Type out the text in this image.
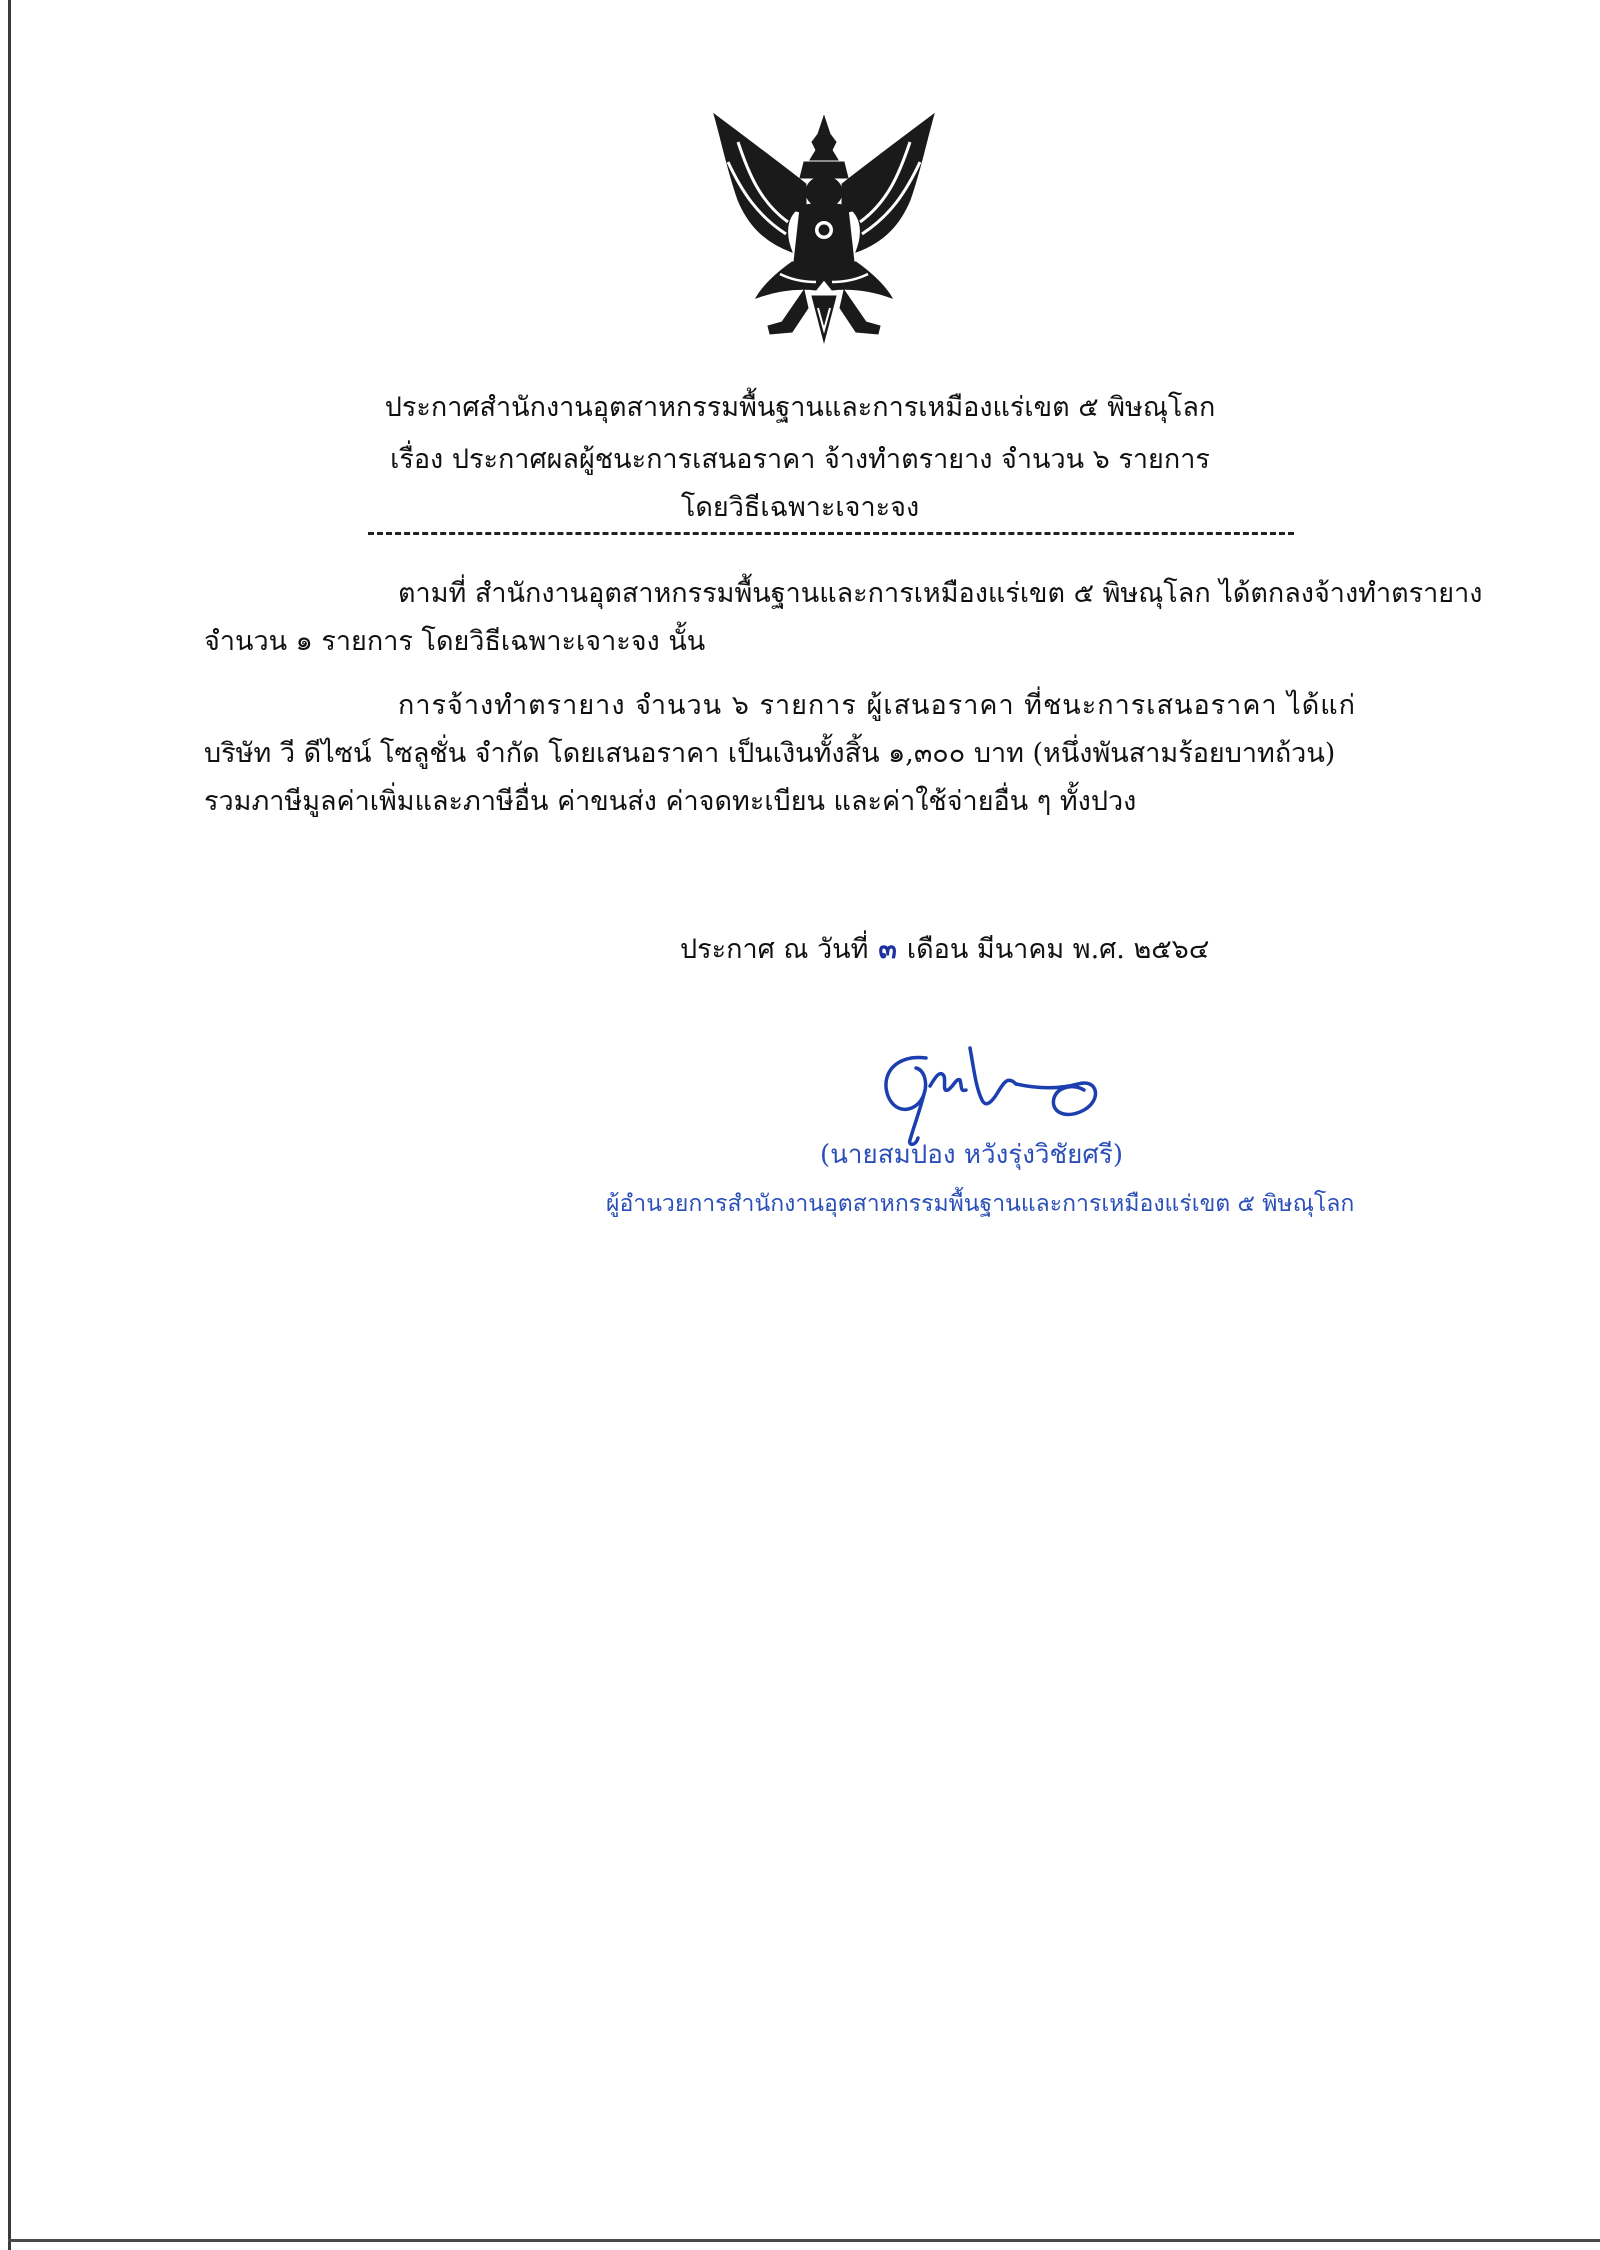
ประกาศสำนักงานอุตสาหกรรมพื้นฐานและการเหมืองแร่เขต ๕ พิษณุโลก
เรื่อง ประกาศผลผู้ชนะการเสนอราคา จ้างทำตรายาง จำนวน ๖ รายการ
โดยวิธีเฉพาะเจาะจง
ตามที่ สำนักงานอุตสาหกรรมพื้นฐานและการเหมืองแร่เขต ๕ พิษณุโลก ได้ตกลงจ้างทำตรายาง
จำนวน ๑ รายการ โดยวิธีเฉพาะเจาะจง นั้น
การจ้างทำตรายาง จำนวน ๖ รายการ ผู้เสนอราคา ที่ชนะการเสนอราคา ได้แก่
บริษัท วี ดีไซน์ โซลูชั่น จำกัด โดยเสนอราคา เป็นเงินทั้งสิ้น ๑,๓๐๐ บาท (หนึ่งพันสามร้อยบาทถ้วน)
รวมภาษีมูลค่าเพิ่มและภาษีอื่น ค่าขนส่ง ค่าจดทะเบียน และค่าใช้จ่ายอื่น ๆ ทั้งปวง
ประกาศ ณ วันที่ ๓ เดือน มีนาคม พ.ศ. ๒๕๖๔
(นายสมปอง หวังรุ่งวิชัยศรี)
ผู้อำนวยการสำนักงานอุตสาหกรรมพื้นฐานและการเหมืองแร่เขต ๕ พิษณุโลก
